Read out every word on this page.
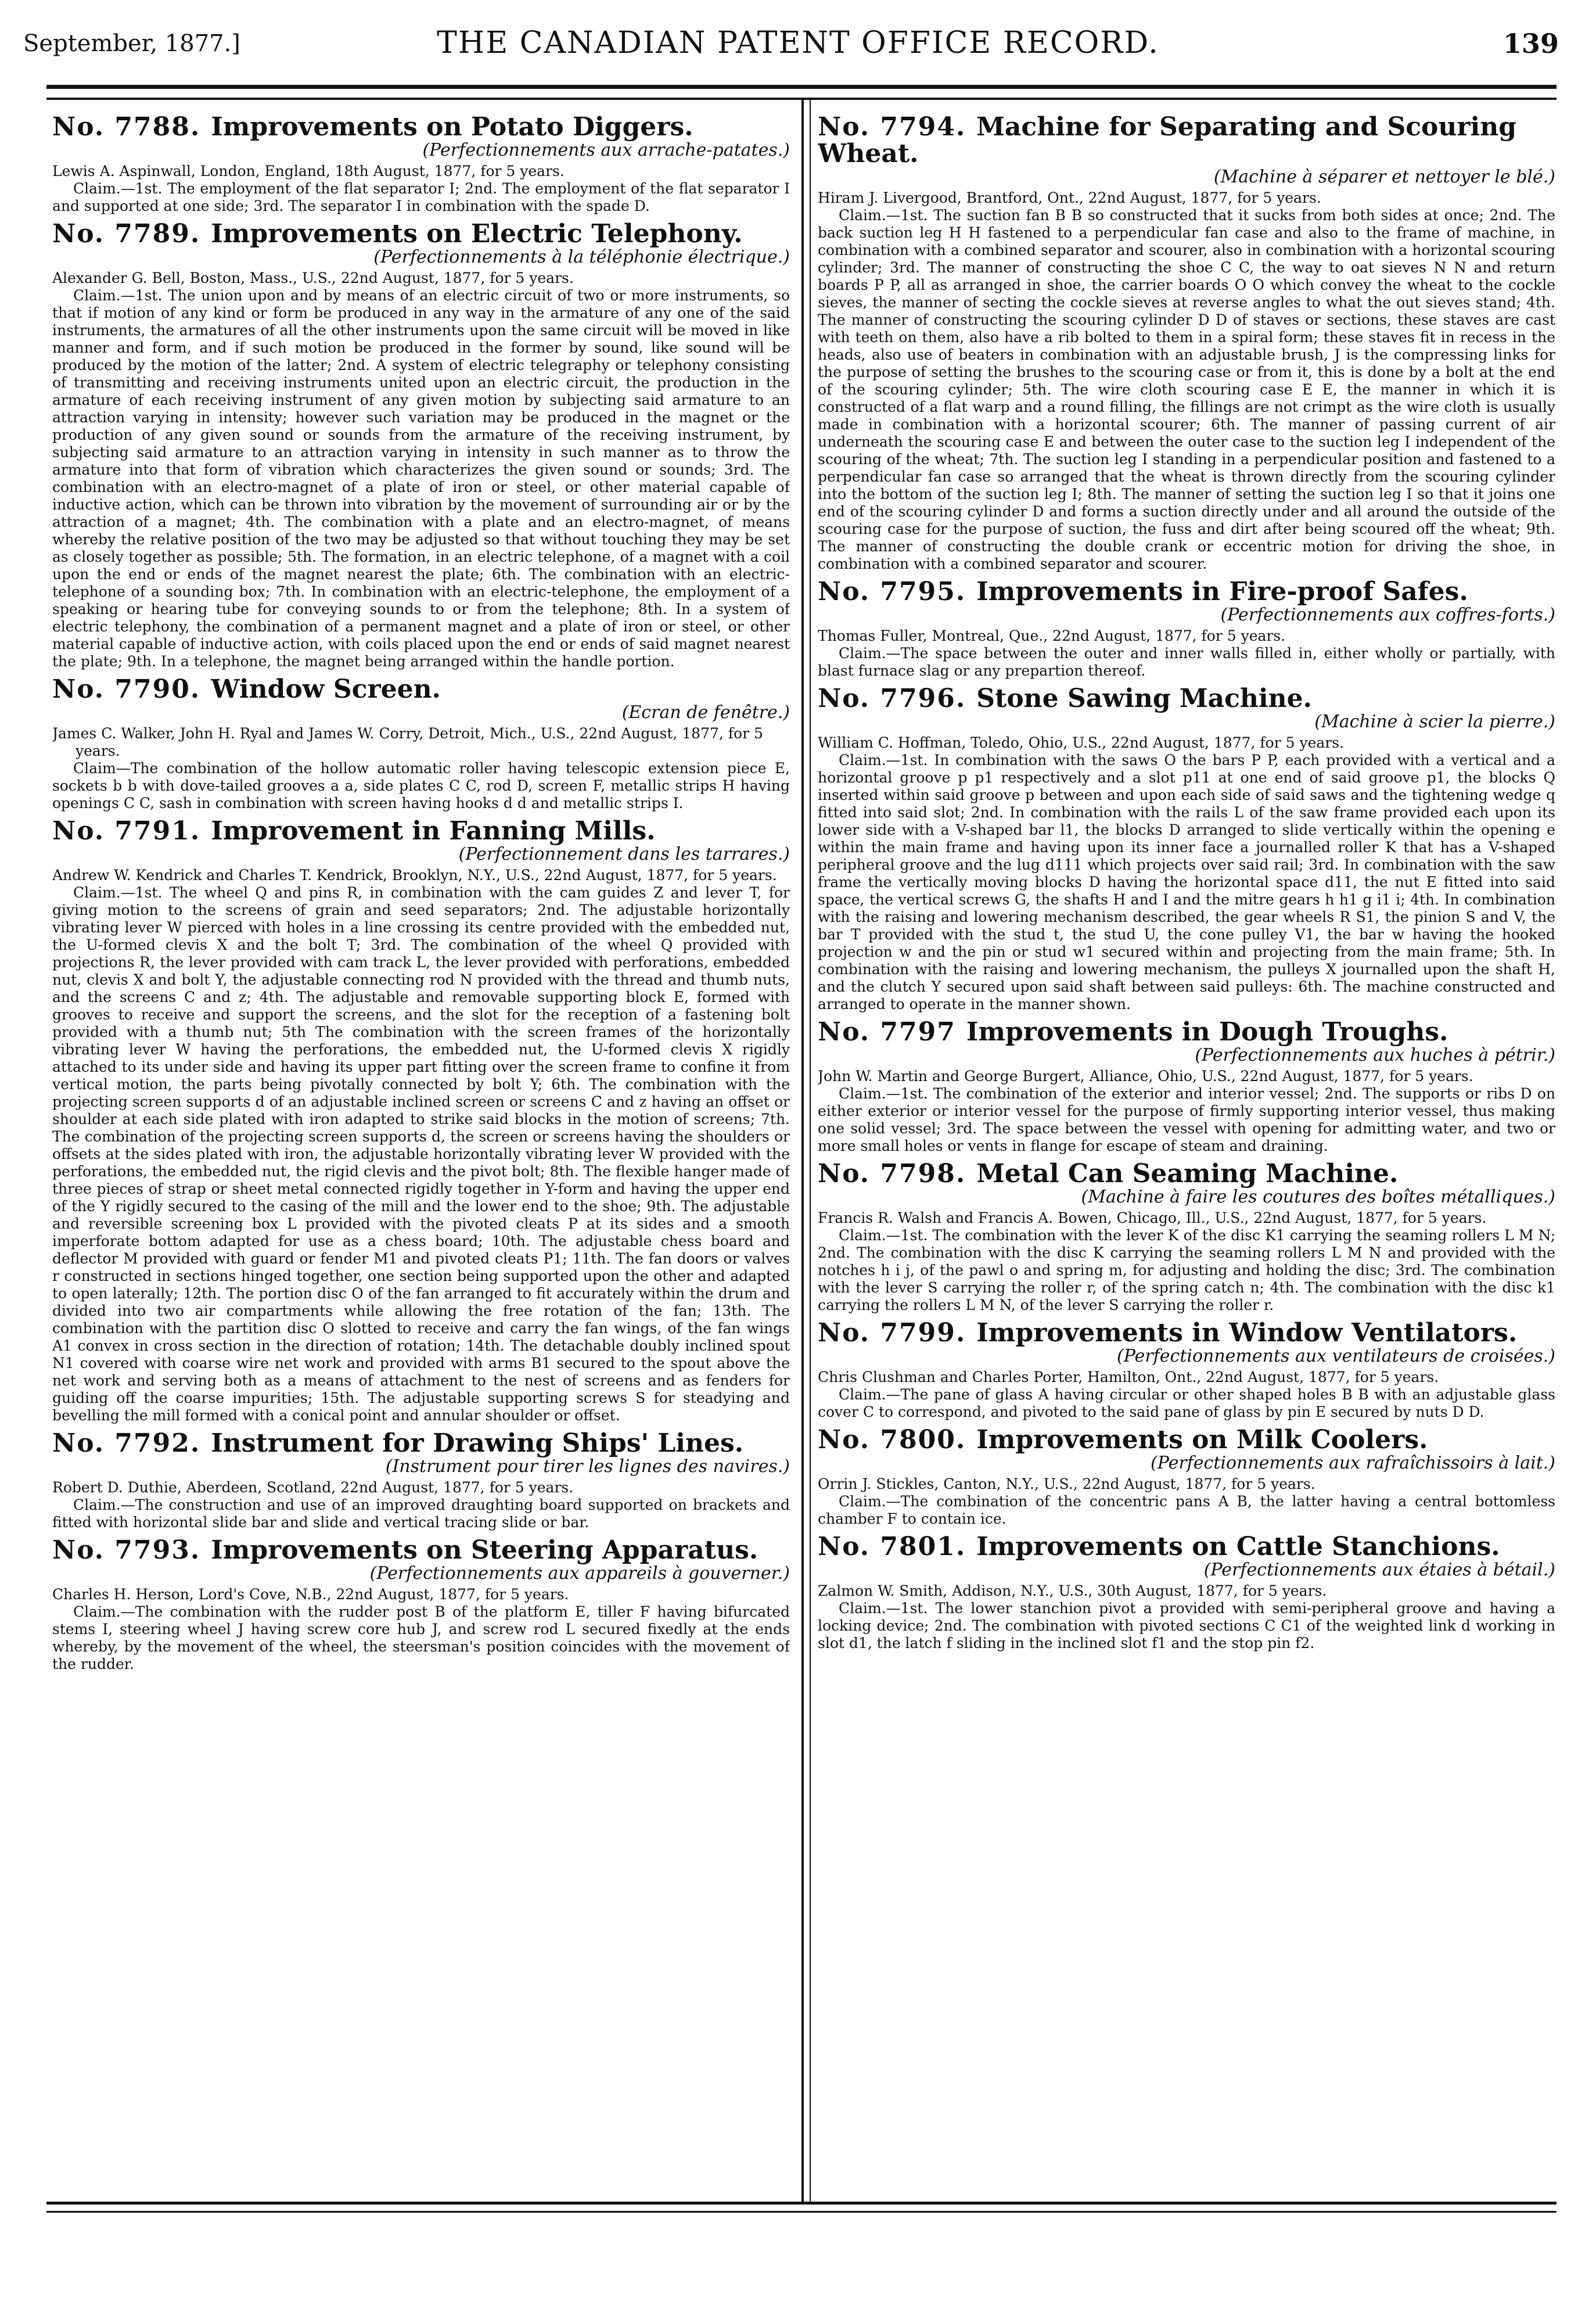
September, 1877.]	THE CANADIAN PATENT OFFICE RECORD.	139
No. 7788. Improvements on Potato Diggers.
(Perfectionnements aux arrache-patates.)
Lewis A. Aspinwall, London, England, 18th August, 1877, for 5 years.
Claim.—1st. The employment of the flat separator I; 2nd. The employment of the flat separator I and supported at one side; 3rd. The separator I in combination with the spade D.
No. 7789. Improvements on Electric Telephony.
(Perfectionnements à la téléphonie électrique.)
Alexander G. Bell, Boston, Mass., U.S., 22nd August, 1877, for 5 years.
Claim.—1st. The union upon and by means of an electric circuit of two or more instruments, so that if motion of any kind or form be produced in any way in the armature of any one of the said instruments, the armatures of all the other instruments upon the same circuit will be moved in like manner and form, and if such motion be produced in the former by sound, like sound will be produced by the motion of the latter; 2nd. A system of electric telegraphy or telephony consisting of transmitting and receiving instruments united upon an electric circuit, the production in the armature of each receiving instrument of any given motion by subjecting said armature to an attraction varying in intensity; however such variation may be produced in the magnet or the production of any given sound or sounds from the armature of the receiving instrument, by subjecting said armature to an attraction varying in intensity in such manner as to throw the armature into that form of vibration which characterizes the given sound or sounds; 3rd. The combination with an electro-magnet of a plate of iron or steel, or other material capable of inductive action, which can be thrown into vibration by the movement of surrounding air or by the attraction of a magnet; 4th. The combination with a plate and an electro-magnet, of means whereby the relative position of the two may be adjusted so that without touching they may be set as closely together as possible; 5th. The formation, in an electric telephone, of a magnet with a coil upon the end or ends of the magnet nearest the plate; 6th. The combination with an electric-telephone of a sounding box; 7th. In combination with an electric-telephone, the employment of a speaking or hearing tube for conveying sounds to or from the telephone; 8th. In a system of electric telephony, the combination of a permanent magnet and a plate of iron or steel, or other material capable of inductive action, with coils placed upon the end or ends of said magnet nearest the plate; 9th. In a telephone, the magnet being arranged within the handle portion.
No. 7790. Window Screen.
(Ecran de fenêtre.)
James C. Walker, John H. Ryal and James W. Corry, Detroit, Mich., U.S., 22nd August, 1877, for 5 years.
Claim—The combination of the hollow automatic roller having telescopic extension piece E, sockets b b with dove-tailed grooves a a, side plates C C, rod D, screen F, metallic strips H having openings C C, sash in combination with screen having hooks d d and metallic strips I.
No. 7791. Improvement in Fanning Mills.
(Perfectionnement dans les tarrares.)
Andrew W. Kendrick and Charles T. Kendrick, Brooklyn, N.Y., U.S., 22nd August, 1877, for 5 years.
Claim.—1st. The wheel Q and pins R, in combination with the cam guides Z and lever T, for giving motion to the screens of grain and seed separators; 2nd. The adjustable horizontally vibrating lever W pierced with holes in a line crossing its centre provided with the embedded nut, the U-formed clevis X and the bolt T; 3rd. The combination of the wheel Q provided with projections R, the lever provided with cam track L, the lever provided with perforations, embedded nut, clevis X and bolt Y, the adjustable connecting rod N provided with the thread and thumb nuts, and the screens C and z; 4th. The adjustable and removable supporting block E, formed with grooves to receive and support the screens, and the slot for the reception of a fastening bolt provided with a thumb nut; 5th The combination with the screen frames of the horizontally vibrating lever W having the perforations, the embedded nut, the U-formed clevis X rigidly attached to its under side and having its upper part fitting over the screen frame to confine it from vertical motion, the parts being pivotally connected by bolt Y; 6th. The combination with the projecting screen supports d of an adjustable inclined screen or screens C and z having an offset or shoulder at each side plated with iron adapted to strike said blocks in the motion of screens; 7th. The combination of the projecting screen supports d, the screen or screens having the shoulders or offsets at the sides plated with iron, the adjustable horizontally vibrating lever W provided with the perforations, the embedded nut, the rigid clevis and the pivot bolt; 8th. The flexible hanger made of three pieces of strap or sheet metal connected rigidly together in Y-form and having the upper end of the Y rigidly secured to the casing of the mill and the lower end to the shoe; 9th. The adjustable and reversible screening box L provided with the pivoted cleats P at its sides and a smooth imperforate bottom adapted for use as a chess board; 10th. The adjustable chess board and deflector M provided with guard or fender M1 and pivoted cleats P1; 11th. The fan doors or valves r constructed in sections hinged together, one section being supported upon the other and adapted to open laterally; 12th. The portion disc O of the fan arranged to fit accurately within the drum and divided into two air compartments while allowing the free rotation of the fan; 13th. The combination with the partition disc O slotted to receive and carry the fan wings, of the fan wings A1 convex in cross section in the direction of rotation; 14th. The detachable doubly inclined spout N1 covered with coarse wire net work and provided with arms B1 secured to the spout above the net work and serving both as a means of attachment to the nest of screens and as fenders for guiding off the coarse impurities; 15th. The adjustable supporting screws S for steadying and bevelling the mill formed with a conical point and annular shoulder or offset.
No. 7792. Instrument for Drawing Ships' Lines.
(Instrument pour tirer les lignes des navires.)
Robert D. Duthie, Aberdeen, Scotland, 22nd August, 1877, for 5 years.
Claim.—The construction and use of an improved draughting board supported on brackets and fitted with horizontal slide bar and slide and vertical tracing slide or bar.
No. 7793. Improvements on Steering Apparatus.
(Perfectionnements aux appareils à gouverner.)
Charles H. Herson, Lord's Cove, N.B., 22nd August, 1877, for 5 years.
Claim.—The combination with the rudder post B of the platform E, tiller F having bifurcated stems I, steering wheel J having screw core hub J, and screw rod L secured fixedly at the ends whereby, by the movement of the wheel, the steersman's position coincides with the movement of the rudder.
No. 7794. Machine for Separating and Scouring Wheat.
(Machine à séparer et nettoyer le blé.)
Hiram J. Livergood, Brantford, Ont., 22nd August, 1877, for 5 years.
Claim.—1st. The suction fan B B so constructed that it sucks from both sides at once; 2nd. The back suction leg H H fastened to a perpendicular fan case and also to the frame of machine, in combination with a combined separator and scourer, also in combination with a horizontal scouring cylinder; 3rd. The manner of constructing the shoe C C, the way to oat sieves N N and return boards P P, all as arranged in shoe, the carrier boards O O which convey the wheat to the cockle sieves, the manner of secting the cockle sieves at reverse angles to what the out sieves stand; 4th. The manner of constructing the scouring cylinder D D of staves or sections, these staves are cast with teeth on them, also have a rib bolted to them in a spiral form; these staves fit in recess in the heads, also use of beaters in combination with an adjustable brush, J is the compressing links for the purpose of setting the brushes to the scouring case or from it, this is done by a bolt at the end of the scouring cylinder; 5th. The wire cloth scouring case E E, the manner in which it is constructed of a flat warp and a round filling, the fillings are not crimpt as the wire cloth is usually made in combination with a horizontal scourer; 6th. The manner of passing current of air underneath the scouring case E and between the outer case to the suction leg I independent of the scouring of the wheat; 7th. The suction leg I standing in a perpendicular position and fastened to a perpendicular fan case so arranged that the wheat is thrown directly from the scouring cylinder into the bottom of the suction leg I; 8th. The manner of setting the suction leg I so that it joins one end of the scouring cylinder D and forms a suction directly under and all around the outside of the scouring case for the purpose of suction, the fuss and dirt after being scoured off the wheat; 9th. The manner of constructing the double crank or eccentric motion for driving the shoe, in combination with a combined separator and scourer.
No. 7795. Improvements in Fire-proof Safes.
(Perfectionnements aux coffres-forts.)
Thomas Fuller, Montreal, Que., 22nd August, 1877, for 5 years.
Claim.—The space between the outer and inner walls filled in, either wholly or partially, with blast furnace slag or any prepartion thereof.
No. 7796. Stone Sawing Machine.
(Machine à scier la pierre.)
William C. Hoffman, Toledo, Ohio, U.S., 22nd August, 1877, for 5 years.
Claim.—1st. In combination with the saws O the bars P P, each provided with a vertical and a horizontal groove p p1 respectively and a slot p11 at one end of said groove p1, the blocks Q inserted within said groove p between and upon each side of said saws and the tightening wedge q fitted into said slot; 2nd. In combination with the rails L of the saw frame provided each upon its lower side with a V-shaped bar l1, the blocks D arranged to slide vertically within the opening e within the main frame and having upon its inner face a journalled roller K that has a V-shaped peripheral groove and the lug d111 which projects over said rail; 3rd. In combination with the saw frame the vertically moving blocks D having the horizontal space d11, the nut E fitted into said space, the vertical screws G, the shafts H and I and the mitre gears h h1 g i1 i; 4th. In combination with the raising and lowering mechanism described, the gear wheels R S1, the pinion S and V, the bar T provided with the stud t, the stud U, the cone pulley V1, the bar w having the hooked projection w and the pin or stud w1 secured within and projecting from the main frame; 5th. In combination with the raising and lowering mechanism, the pulleys X journalled upon the shaft H, and the clutch Y secured upon said shaft between said pulleys: 6th. The machine constructed and arranged to operate in the manner shown.
No. 7797 Improvements in Dough Troughs.
(Perfectionnements aux huches à pétrir.)
John W. Martin and George Burgert, Alliance, Ohio, U.S., 22nd August, 1877, for 5 years.
Claim.—1st. The combination of the exterior and interior vessel; 2nd. The supports or ribs D on either exterior or interior vessel for the purpose of firmly supporting interior vessel, thus making one solid vessel; 3rd. The space between the vessel with opening for admitting water, and two or more small holes or vents in flange for escape of steam and draining.
No. 7798. Metal Can Seaming Machine.
(Machine à faire les coutures des boîtes métalliques.)
Francis R. Walsh and Francis A. Bowen, Chicago, Ill., U.S., 22nd August, 1877, for 5 years.
Claim.—1st. The combination with the lever K of the disc K1 carrying the seaming rollers L M N; 2nd. The combination with the disc K carrying the seaming rollers L M N and provided with the notches h i j, of the pawl o and spring m, for adjusting and holding the disc; 3rd. The combination with the lever S carrying the roller r, of the spring catch n; 4th. The combination with the disc k1 carrying the rollers L M N, of the lever S carrying the roller r.
No. 7799. Improvements in Window Ventilators.
(Perfectionnements aux ventilateurs de croisées.)
Chris Clushman and Charles Porter, Hamilton, Ont., 22nd August, 1877, for 5 years.
Claim.—The pane of glass A having circular or other shaped holes B B with an adjustable glass cover C to correspond, and pivoted to the said pane of glass by pin E secured by nuts D D.
No. 7800. Improvements on Milk Coolers.
(Perfectionnements aux rafraîchissoirs à lait.)
Orrin J. Stickles, Canton, N.Y., U.S., 22nd August, 1877, for 5 years.
Claim.—The combination of the concentric pans A B, the latter having a central bottomless chamber F to contain ice.
No. 7801. Improvements on Cattle Stanchions.
(Perfectionnements aux étaies à bétail.)
Zalmon W. Smith, Addison, N.Y., U.S., 30th August, 1877, for 5 years.
Claim.—1st. The lower stanchion pivot a provided with semi-peripheral groove and having a locking device; 2nd. The combination with pivoted sections C C1 of the weighted link d working in slot d1, the latch f sliding in the inclined slot f1 and the stop pin f2.
